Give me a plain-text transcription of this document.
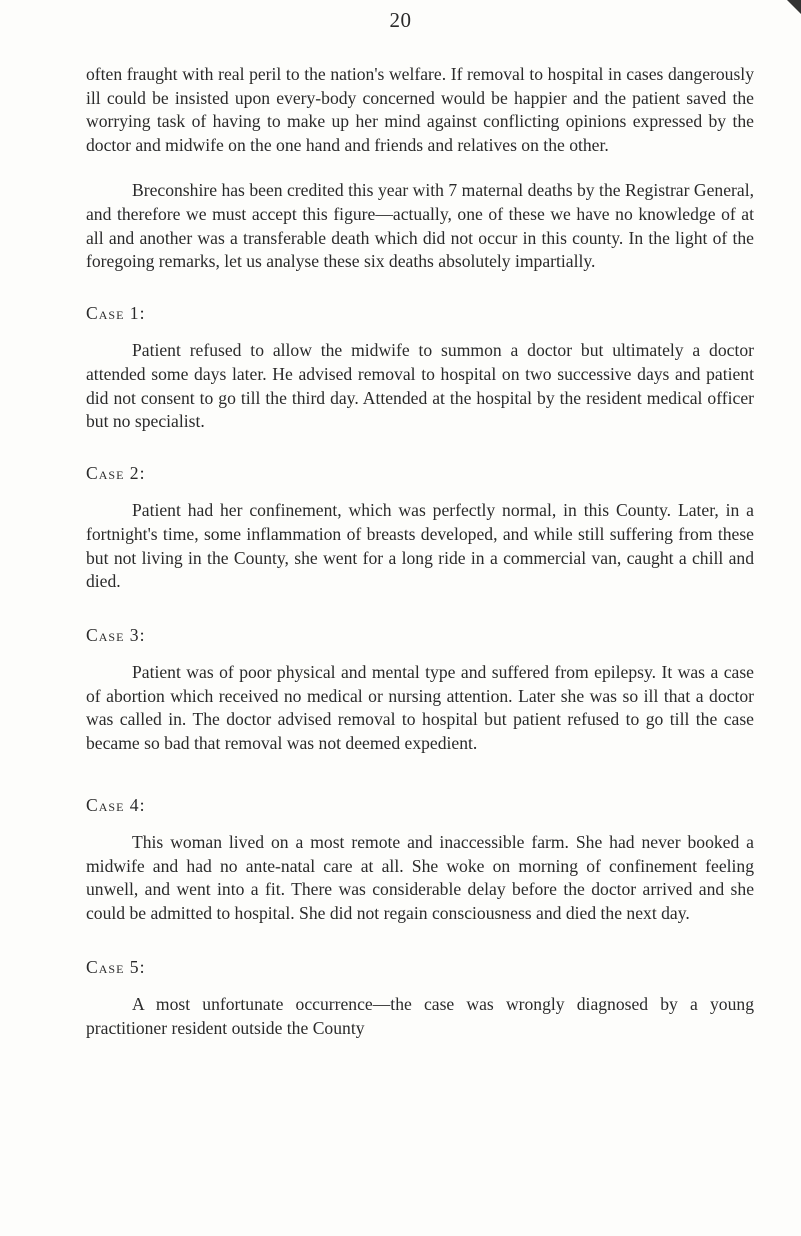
20

often fraught with real peril to the nation's welfare. If removal to hospital in cases dangerously ill could be insisted upon every-body concerned would be happier and the patient saved the worrying task of having to make up her mind against conflicting opinions expressed by the doctor and midwife on the one hand and friends and relatives on the other.

Breconshire has been credited this year with 7 maternal deaths by the Registrar General, and therefore we must accept this figure—actually, one of these we have no knowledge of at all and another was a transferable death which did not occur in this county. In the light of the foregoing remarks, let us analyse these six deaths absolutely impartially.

Case 1:

Patient refused to allow the midwife to summon a doctor but ultimately a doctor attended some days later. He advised removal to hospital on two successive days and patient did not consent to go till the third day. Attended at the hospital by the resident medical officer but no specialist.

Case 2:

Patient had her confinement, which was perfectly normal, in this County. Later, in a fortnight's time, some inflammation of breasts developed, and while still suffering from these but not living in the County, she went for a long ride in a commercial van, caught a chill and died.

Case 3:

Patient was of poor physical and mental type and suffered from epilepsy. It was a case of abortion which received no medical or nursing attention. Later she was so ill that a doctor was called in. The doctor advised removal to hospital but patient refused to go till the case became so bad that removal was not deemed expedient.

Case 4:

This woman lived on a most remote and inaccessible farm. She had never booked a midwife and had no ante-natal care at all. She woke on morning of confinement feeling unwell, and went into a fit. There was considerable delay before the doctor arrived and she could be admitted to hospital. She did not regain consciousness and died the next day.

Case 5:

A most unfortunate occurrence—the case was wrongly diagnosed by a young practitioner resident outside the County
